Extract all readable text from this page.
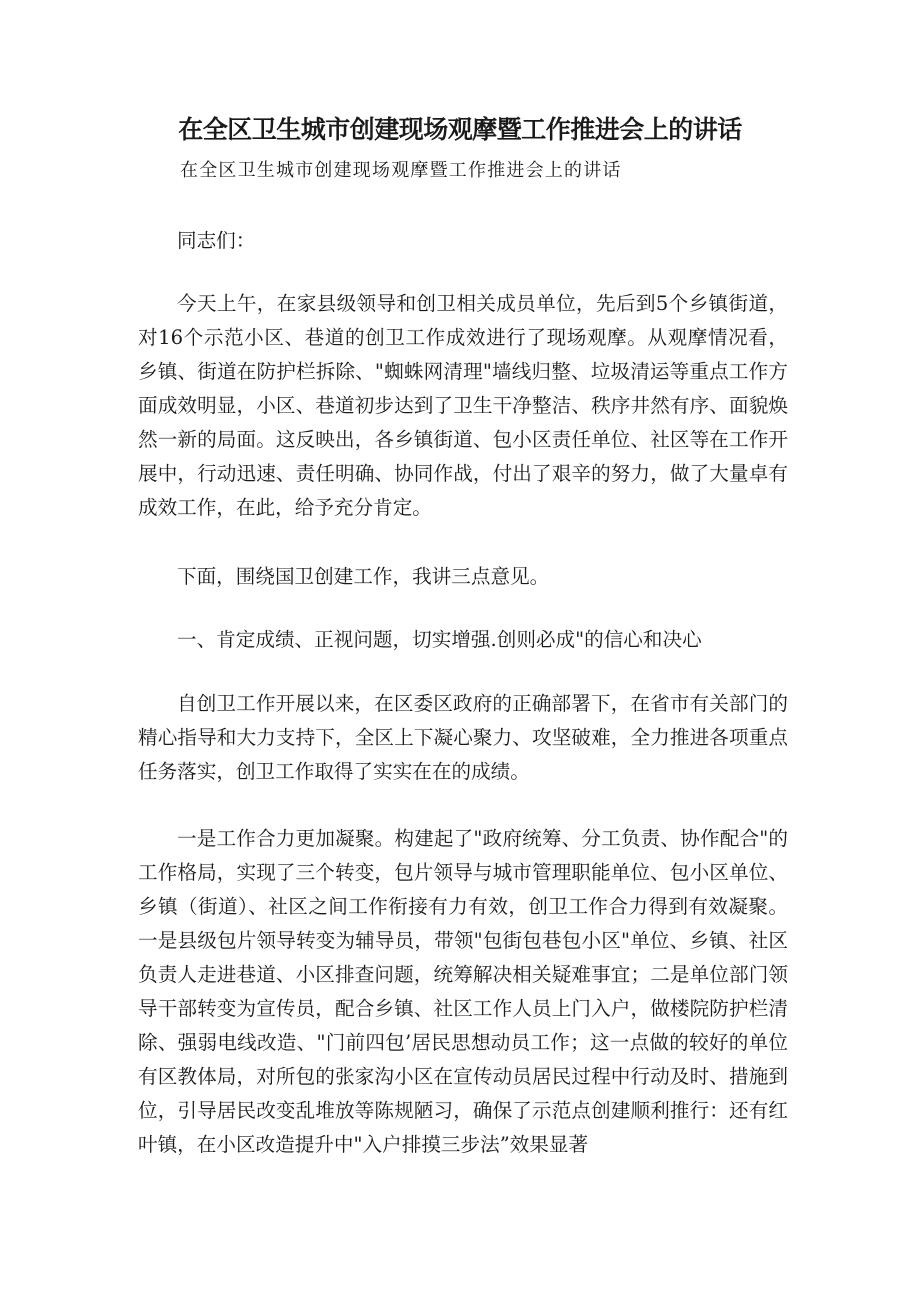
在全区卫生城市创建现场观摩暨工作推进会上的讲话

在全区卫生城市创建现场观摩暨工作推进会上的讲话

同志们：

今天上午，在家县级领导和创卫相关成员单位，先后到5个乡镇街道，对16个示范小区、巷道的创卫工作成效进行了现场观摩。从观摩情况看，乡镇、街道在防护栏拆除、"蜘蛛网清理"墙线归整、垃圾清运等重点工作方面成效明显，小区、巷道初步达到了卫生干净整洁、秩序井然有序、面貌焕然一新的局面。这反映出，各乡镇街道、包小区责任单位、社区等在工作开展中，行动迅速、责任明确、协同作战，付出了艰辛的努力，做了大量卓有成效工作，在此，给予充分肯定。

下面，围绕国卫创建工作，我讲三点意见。

一、肯定成绩、正视问题，切实增强.创则必成"的信心和决心

自创卫工作开展以来，在区委区政府的正确部署下，在省市有关部门的精心指导和大力支持下，全区上下凝心聚力、攻坚破难，全力推进各项重点任务落实，创卫工作取得了实实在在的成绩。

一是工作合力更加凝聚。构建起了"政府统筹、分工负责、协作配合"的工作格局，实现了三个转变，包片领导与城市管理职能单位、包小区单位、乡镇（街道）、社区之间工作衔接有力有效，创卫工作合力得到有效凝聚。一是县级包片领导转变为辅导员，带领"包街包巷包小区"单位、乡镇、社区负责人走进巷道、小区排查问题，统筹解决相关疑难事宜；二是单位部门领导干部转变为宣传员，配合乡镇、社区工作人员上门入户，做楼院防护栏清除、强弱电线改造、"门前四包’居民思想动员工作；这一点做的较好的单位有区教体局，对所包的张家沟小区在宣传动员居民过程中行动及时、措施到位，引导居民改变乱堆放等陈规陋习，确保了示范点创建顺利推行：还有红叶镇，在小区改造提升中"入户排摸三步法”效果显著
